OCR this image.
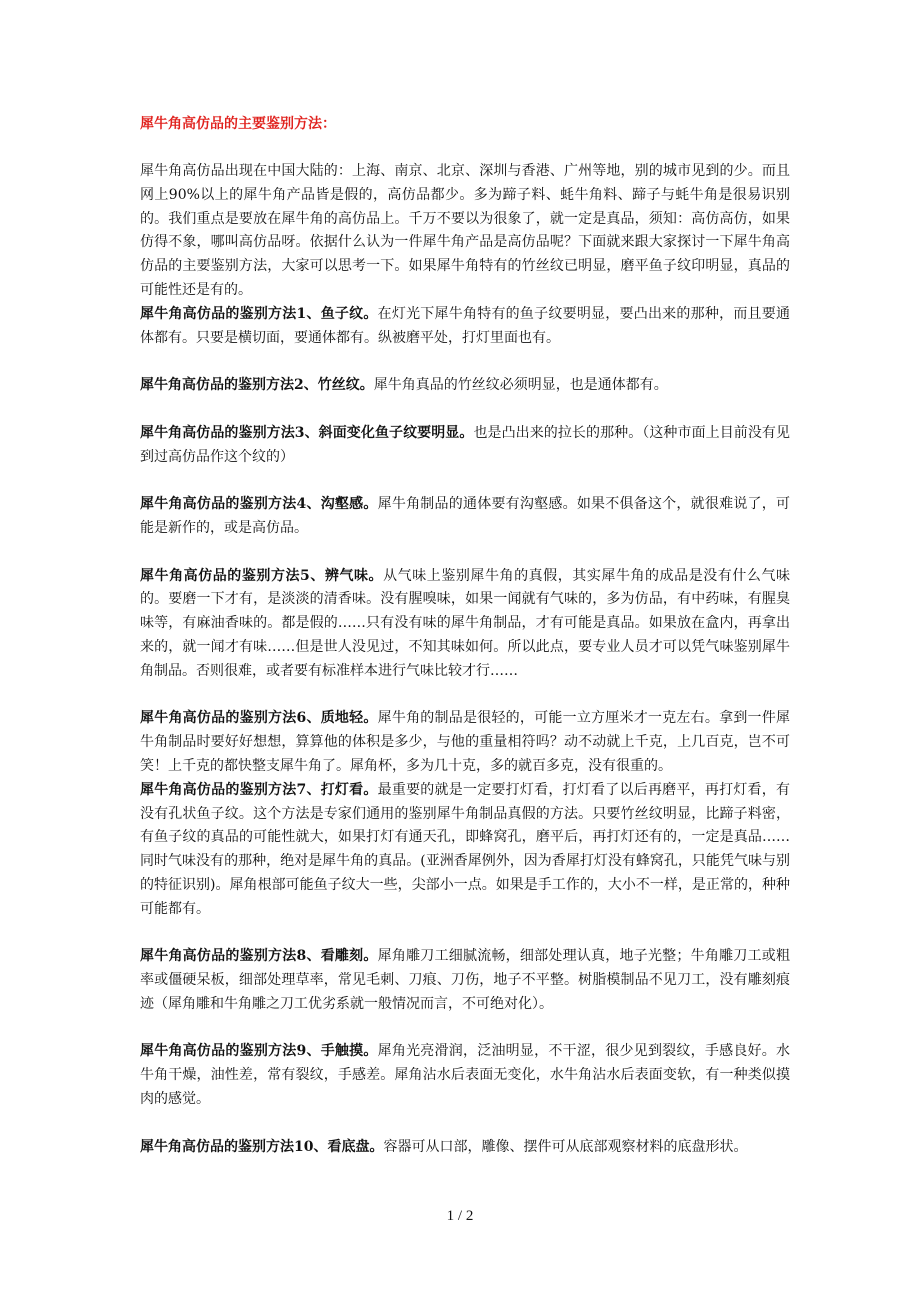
犀牛角高仿品的主要鉴别方法：

犀牛角高仿品出现在中国大陆的：上海、南京、北京、深圳与香港、广州等地，别的城市见到的少。而且网上90%以上的犀牛角产品皆是假的，高仿品都少。多为蹄子料、蚝牛角料、蹄子与蚝牛角是很易识别的。我们重点是要放在犀牛角的高仿品上。千万不要以为很象了，就一定是真品，须知：高仿高仿，如果仿得不象，哪叫高仿品呀。依据什么认为一件犀牛角产品是高仿品呢？下面就来跟大家探讨一下犀牛角高仿品的主要鉴别方法，大家可以思考一下。如果犀牛角特有的竹丝纹已明显，磨平鱼子纹印明显，真品的可能性还是有的。

犀牛角高仿品的鉴别方法1、鱼子纹。在灯光下犀牛角特有的鱼子纹要明显，要凸出来的那种，而且要通体都有。只要是横切面，要通体都有。纵被磨平处，打灯里面也有。

犀牛角高仿品的鉴别方法2、竹丝纹。犀牛角真品的竹丝纹必须明显，也是通体都有。

犀牛角高仿品的鉴别方法3、斜面变化鱼子纹要明显。也是凸出来的拉长的那种。（这种市面上目前没有见到过高仿品作这个纹的）

犀牛角高仿品的鉴别方法4、沟壑感。犀牛角制品的通体要有沟壑感。如果不俱备这个，就很难说了，可能是新作的，或是高仿品。

犀牛角高仿品的鉴别方法5、辨气味。从气味上鉴别犀牛角的真假，其实犀牛角的成品是没有什么气味的。要磨一下才有，是淡淡的清香味。没有腥嗅味，如果一闻就有气味的，多为仿品，有中药味，有腥臭味等，有麻油香味的。都是假的……只有没有味的犀牛角制品，才有可能是真品。如果放在盒内，再拿出来的，就一闻才有味……但是世人没见过，不知其味如何。所以此点，要专业人员才可以凭气味鉴别犀牛角制品。否则很难，或者要有标准样本进行气味比较才行……

犀牛角高仿品的鉴别方法6、质地轻。犀牛角的制品是很轻的，可能一立方厘米才一克左右。拿到一件犀牛角制品时要好好想想，算算他的体积是多少，与他的重量相符吗？动不动就上千克，上几百克，岂不可笑！上千克的都快整支犀牛角了。犀角杯，多为几十克，多的就百多克，没有很重的。

犀牛角高仿品的鉴别方法7、打灯看。最重要的就是一定要打灯看，打灯看了以后再磨平，再打灯看，有没有孔状鱼子纹。这个方法是专家们通用的鉴别犀牛角制品真假的方法。只要竹丝纹明显，比蹄子料密，有鱼子纹的真品的可能性就大，如果打灯有通天孔，即蜂窝孔，磨平后，再打灯还有的，一定是真品……同时气味没有的那种，绝对是犀牛角的真品。(亚洲香犀例外，因为香犀打灯没有蜂窝孔，只能凭气味与别的特征识别)。犀角根部可能鱼子纹大一些，尖部小一点。如果是手工作的，大小不一样，是正常的，种种可能都有。

犀牛角高仿品的鉴别方法8、看雕刻。犀角雕刀工细腻流畅，细部处理认真，地子光整；牛角雕刀工或粗率或僵硬呆板，细部处理草率，常见毛刺、刀痕、刀伤，地子不平整。树脂模制品不见刀工，没有雕刻痕迹（犀角雕和牛角雕之刀工优劣系就一般情况而言，不可绝对化）。

犀牛角高仿品的鉴别方法9、手触摸。犀角光亮滑润，泛油明显，不干涩，很少见到裂纹，手感良好。水牛角干燥，油性差，常有裂纹，手感差。犀角沾水后表面无变化，水牛角沾水后表面变软，有一种类似摸肉的感觉。

犀牛角高仿品的鉴别方法10、看底盘。容器可从口部，雕像、摆件可从底部观察材料的底盘形状。

1 / 2
